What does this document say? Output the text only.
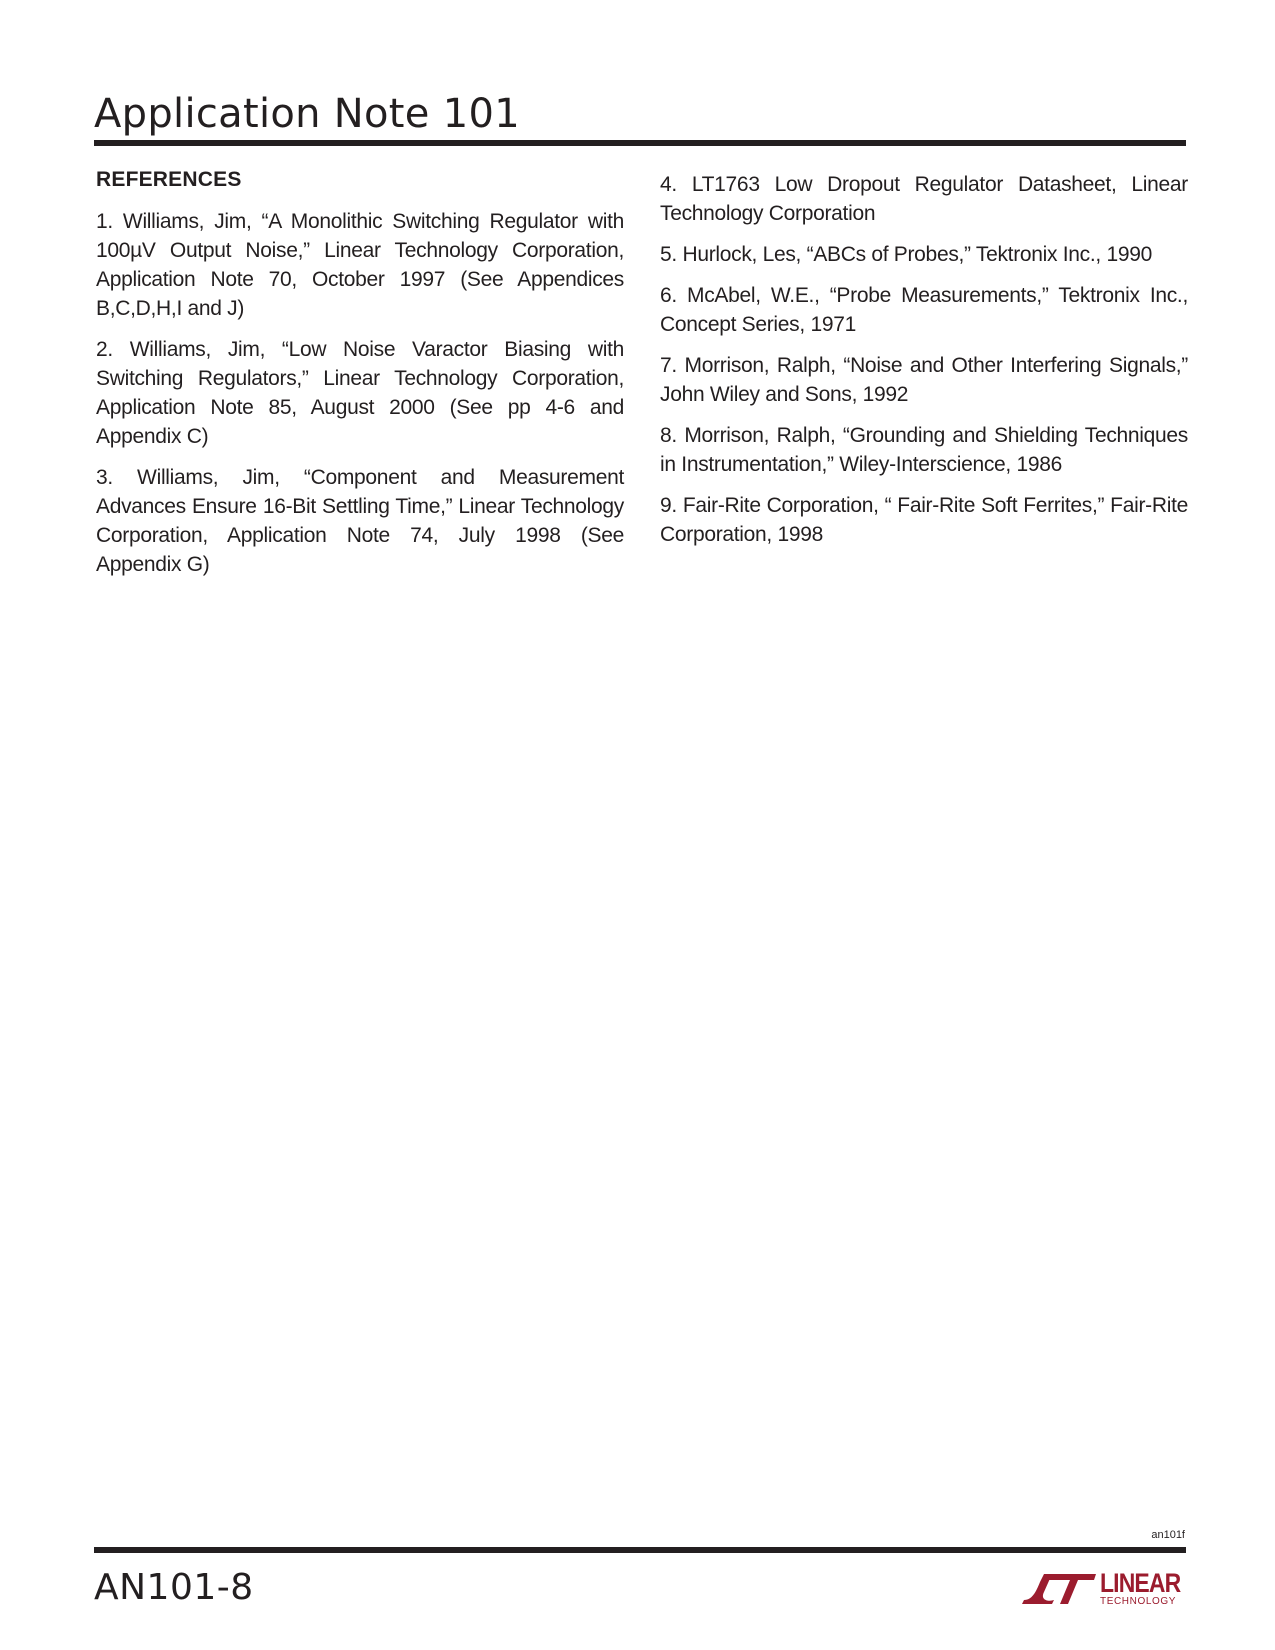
Application Note 101
REFERENCES

1. Williams, Jim, “A Monolithic Switching Regulator with 100µV Output Noise,” Linear Technology Corporation, Application Note 70, October 1997 (See Appendices B,C,D,H,I and J)

2. Williams, Jim, “Low Noise Varactor Biasing with Switching Regulators,” Linear Technology Corporation, Application Note 85, August 2000 (See pp 4-6 and Appendix C)

3. Williams, Jim, “Component and Measurement Advances Ensure 16-Bit Settling Time,” Linear Technology Corporation, Application Note 74, July 1998 (See Appendix G)

4. LT1763 Low Dropout Regulator Datasheet, Linear Technology Corporation

5. Hurlock, Les, “ABCs of Probes,” Tektronix Inc., 1990

6. McAbel, W.E., “Probe Measurements,” Tektronix Inc., Concept Series, 1971

7. Morrison, Ralph, “Noise and Other Interfering Signals,” John Wiley and Sons, 1992

8. Morrison, Ralph, “Grounding and Shielding Techniques in Instrumentation,” Wiley-Interscience, 1986

9. Fair-Rite Corporation, “ Fair-Rite Soft Ferrites,” Fair-Rite Corporation, 1998

an101f
AN101-8	LINEAR
TECHNOLOGY
